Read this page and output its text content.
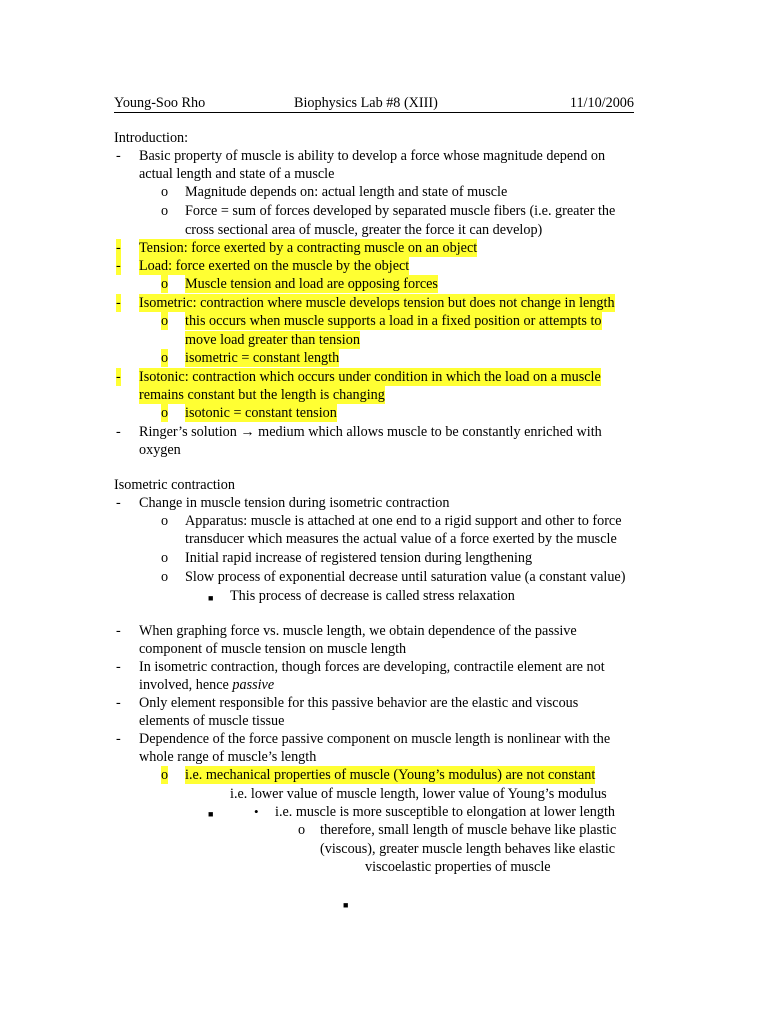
Young-Soo Rho	Biophysics Lab #8 (XIII)	11/10/2006
Introduction:
- Basic property of muscle is ability to develop a force whose magnitude depend on
actual length and state of a muscle
o Magnitude depends on: actual length and state of muscle
o Force = sum of forces developed by separated muscle fibers (i.e. greater the
cross sectional area of muscle, greater the force it can develop)
- Tension: force exerted by a contracting muscle on an object
- Load: force exerted on the muscle by the object
o Muscle tension and load are opposing forces
- Isometric: contraction where muscle develops tension but does not change in length
o this occurs when muscle supports a load in a fixed position or attempts to
move load greater than tension
o isometric = constant length
- Isotonic: contraction which occurs under condition in which the load on a muscle
remains constant but the length is changing
o isotonic = constant tension
- Ringer’s solution → medium which allows muscle to be constantly enriched with
oxygen
Isometric contraction
- Change in muscle tension during isometric contraction
o Apparatus: muscle is attached at one end to a rigid support and other to force
transducer which measures the actual value of a force exerted by the muscle
o Initial rapid increase of registered tension during lengthening
o Slow process of exponential decrease until saturation value (a constant value)
■	This process of decrease is called stress relaxation
- When graphing force vs. muscle length, we obtain dependence of the passive
component of muscle tension on muscle length
- In isometric contraction, though forces are developing, contractile element are not
involved, hence passive
- Only element responsible for this passive behavior are the elastic and viscous
elements of muscle tissue
- Dependence of the force passive component on muscle length is nonlinear with the
whole range of muscle’s length
o i.e. mechanical properties of muscle (Young’s modulus) are not constant
■
i.e. lower value of muscle length, lower value of Young’s modulus
• i.e. muscle is more susceptible to elongation at lower length
o therefore, small length of muscle behave like plastic
(viscous), greater muscle length behaves like elastic
■
viscoelastic properties of muscle
